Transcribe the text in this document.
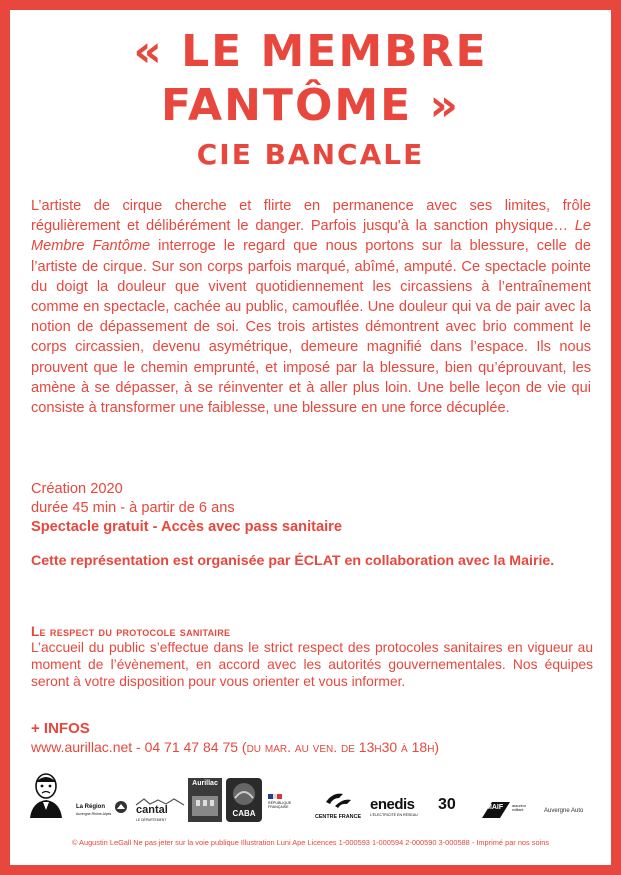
« LE MEMBRE
FANTÔME »
CIE BANCALE

L’artiste de cirque cherche et flirte en permanence avec ses limites, frôle régulièrement et délibérément le danger. Parfois jusqu'à la sanction physique… Le Membre Fantôme interroge le regard que nous portons sur la blessure, celle de l’artiste de cirque. Sur son corps parfois marqué, abîmé, amputé. Ce spectacle pointe du doigt la douleur que vivent quotidiennement les circassiens à l’entraînement comme en spectacle, cachée au public, camouflée. Une douleur qui va de pair avec la notion de dépassement de soi. Ces trois artistes démontrent avec brio comment le corps circassien, devenu asymétrique, demeure magnifié dans l’espace. Ils nous prouvent que le chemin emprunté, et imposé par la blessure, bien qu’éprouvant, les amène à se dépasser, à se réinventer et à aller plus loin. Une belle leçon de vie qui consiste à transformer une faiblesse, une blessure en une force décuplée.

Création 2020

durée 45 min - à partir de 6 ans

Spectacle gratuit - Accès avec pass sanitaire

Cette représentation est organisée par ÉCLAT en collaboration avec la Mairie.

Le respect du protocole sanitaire

L’accueil du public s’effectue dans le strict respect des protocoles sanitaires en vigueur au moment de l’évènement, en accord avec les autorités gouvernementales. Nos équipes seront à votre disposition pour vous orienter et vous informer.

+ INFOS
www.aurillac.net - 04 71 47 84 75 (du mar. au ven. de 13h30 à 18h)
La Région
Auvergne-Rhône-Alpes cantal
LE DÉPARTEMENT
Aurillac
CABA
RÉPUBLIQUE FRANÇAISE
CENTRE FRANCE
enedis
L'ÉLECTRICITÉ EN RÉSEAU
30	MAIF assureur militant	Auvergne Auto
© Augustin LeGall Ne pas jeter sur la voie publique Illustration Luni Ape Licences 1-000593 1-000594 2-000590 3-000588 - Imprimé par nos soins
